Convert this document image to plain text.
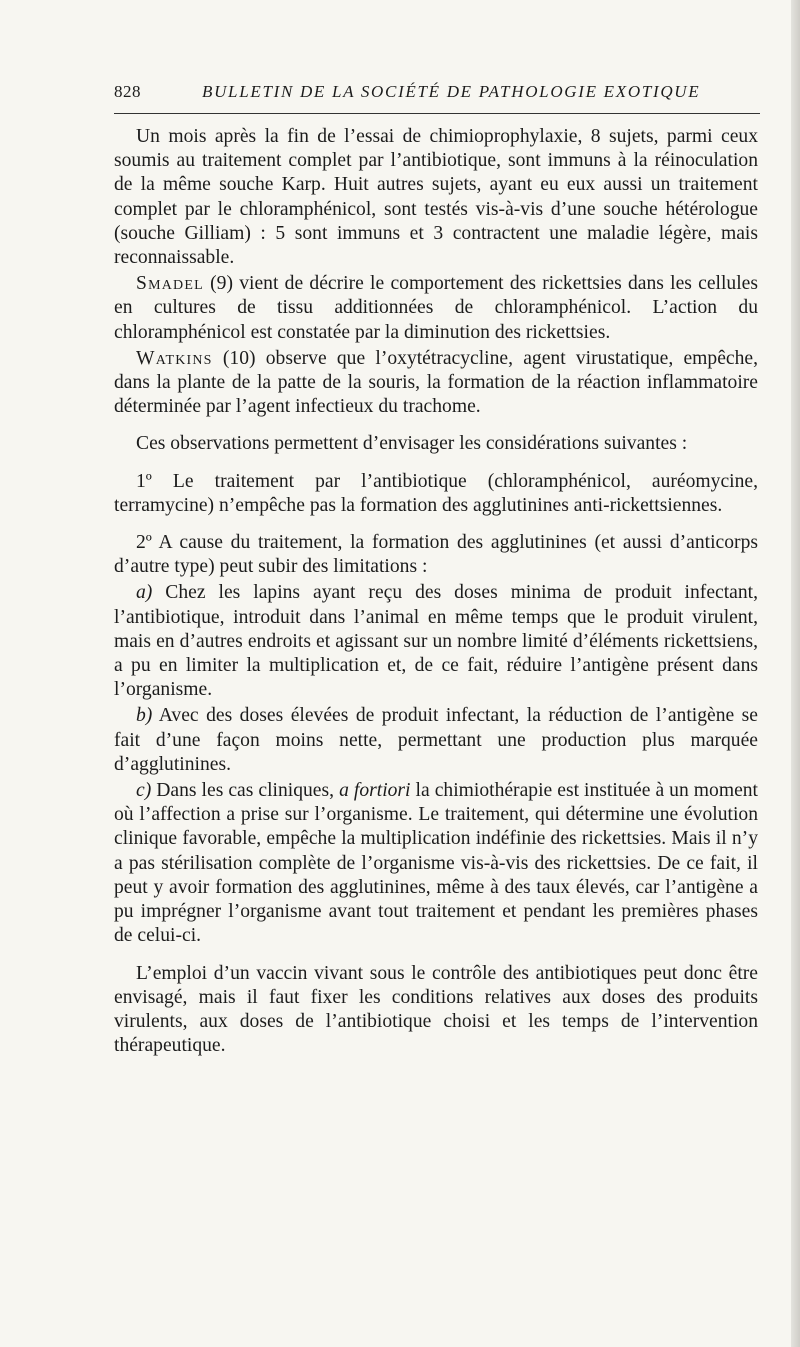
828	BULLETIN DE LA SOCIÉTÉ DE PATHOLOGIE EXOTIQUE

Un mois après la fin de l’essai de chimioprophylaxie, 8 sujets, parmi ceux soumis au traitement complet par l’antibiotique, sont immuns à la réinoculation de la même souche Karp. Huit autres sujets, ayant eu eux aussi un traitement complet par le chloramphénicol, sont testés vis-à-vis d’une souche hétérologue (souche Gilliam) : 5 sont immuns et 3 contractent une maladie légère, mais reconnaissable.

Smadel (9) vient de décrire le comportement des rickettsies dans les cellules en cultures de tissu additionnées de chloramphénicol. L’action du chloramphénicol est constatée par la diminution des rickettsies.

Watkins (10) observe que l’oxytétracycline, agent virustatique, empêche, dans la plante de la patte de la souris, la formation de la réaction inflammatoire déterminée par l’agent infectieux du trachome.

Ces observations permettent d’envisager les considérations suivantes :

1º Le traitement par l’antibiotique (chloramphénicol, auréomycine, terramycine) n’empêche pas la formation des agglutinines anti-rickettsiennes.

2º A cause du traitement, la formation des agglutinines (et aussi d’anticorps d’autre type) peut subir des limitations :

a) Chez les lapins ayant reçu des doses minima de produit infectant, l’antibiotique, introduit dans l’animal en même temps que le produit virulent, mais en d’autres endroits et agissant sur un nombre limité d’éléments rickettsiens, a pu en limiter la multiplication et, de ce fait, réduire l’antigène présent dans l’organisme.

b) Avec des doses élevées de produit infectant, la réduction de l’antigène se fait d’une façon moins nette, permettant une production plus marquée d’agglutinines.

c) Dans les cas cliniques, a fortiori la chimiothérapie est instituée à un moment où l’affection a prise sur l’organisme. Le traitement, qui détermine une évolution clinique favorable, empêche la multiplication indéfinie des rickettsies. Mais il n’y a pas stérilisation complète de l’organisme vis-à-vis des rickettsies. De ce fait, il peut y avoir formation des agglutinines, même à des taux élevés, car l’antigène a pu imprégner l’organisme avant tout traitement et pendant les premières phases de celui-ci.

L’emploi d’un vaccin vivant sous le contrôle des antibiotiques peut donc être envisagé, mais il faut fixer les conditions relatives aux doses des produits virulents, aux doses de l’antibiotique choisi et les temps de l’intervention thérapeutique.
